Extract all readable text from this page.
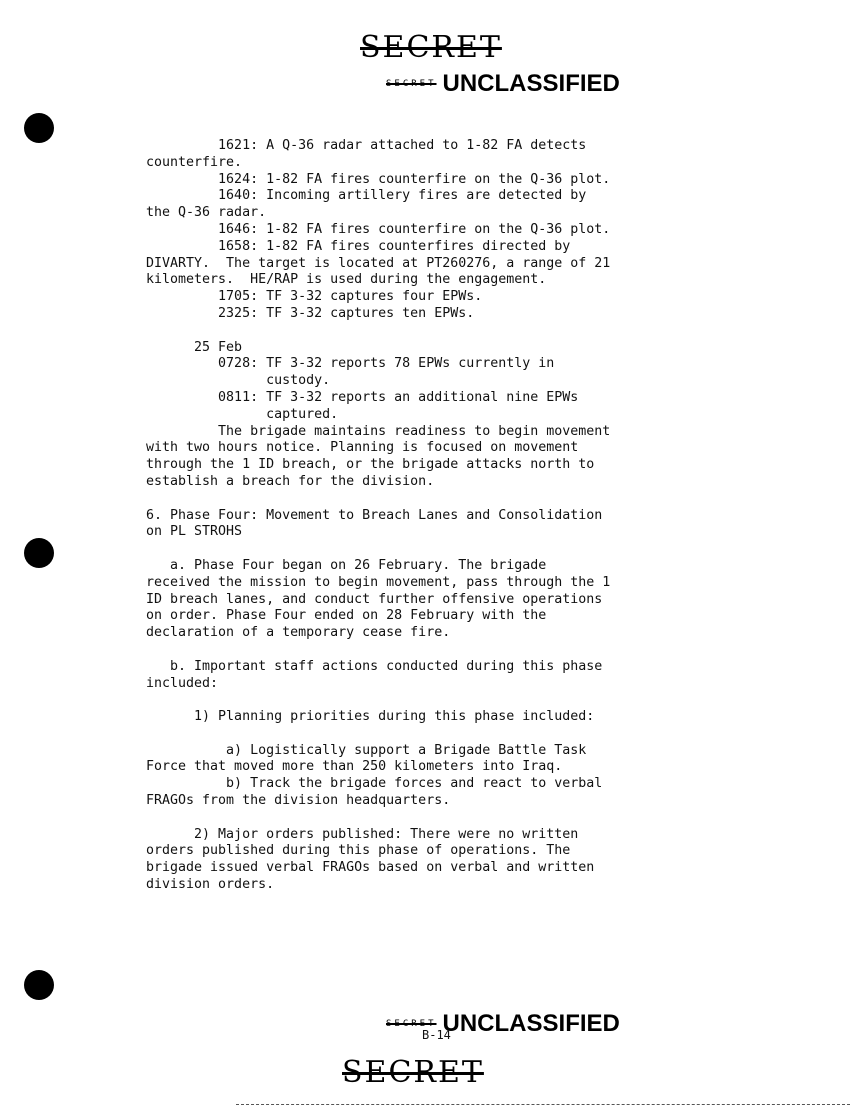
SECRET
SECRET UNCLASSIFIED
1621: A Q-36 radar attached to 1-82 FA detects
counterfire.
1624: 1-82 FA fires counterfire on the Q-36 plot.
1640: Incoming artillery fires are detected by
the Q-36 radar.
1646: 1-82 FA fires counterfire on the Q-36 plot.
1658: 1-82 FA fires counterfires directed by
DIVARTY.  The target is located at PT260276, a range of 21
kilometers.  HE/RAP is used during the engagement.
1705: TF 3-32 captures four EPWs.
2325: TF 3-32 captures ten EPWs.
25 Feb
0728: TF 3-32 reports 78 EPWs currently in
custody.
0811: TF 3-32 reports an additional nine EPWs
captured.
The brigade maintains readiness to begin movement
with two hours notice. Planning is focused on movement
through the 1 ID breach, or the brigade attacks north to
establish a breach for the division.
6. Phase Four: Movement to Breach Lanes and Consolidation
on PL STROHS
a. Phase Four began on 26 February. The brigade
received the mission to begin movement, pass through the 1
ID breach lanes, and conduct further offensive operations
on order. Phase Four ended on 28 February with the
declaration of a temporary cease fire.
b. Important staff actions conducted during this phase
included:
1) Planning priorities during this phase included:
a) Logistically support a Brigade Battle Task
Force that moved more than 250 kilometers into Iraq.
b) Track the brigade forces and react to verbal
FRAGOs from the division headquarters.
2) Major orders published: There were no written
orders published during this phase of operations. The
brigade issued verbal FRAGOs based on verbal and written
division orders.
SECRET UNCLASSIFIED
B-14
SECRET
